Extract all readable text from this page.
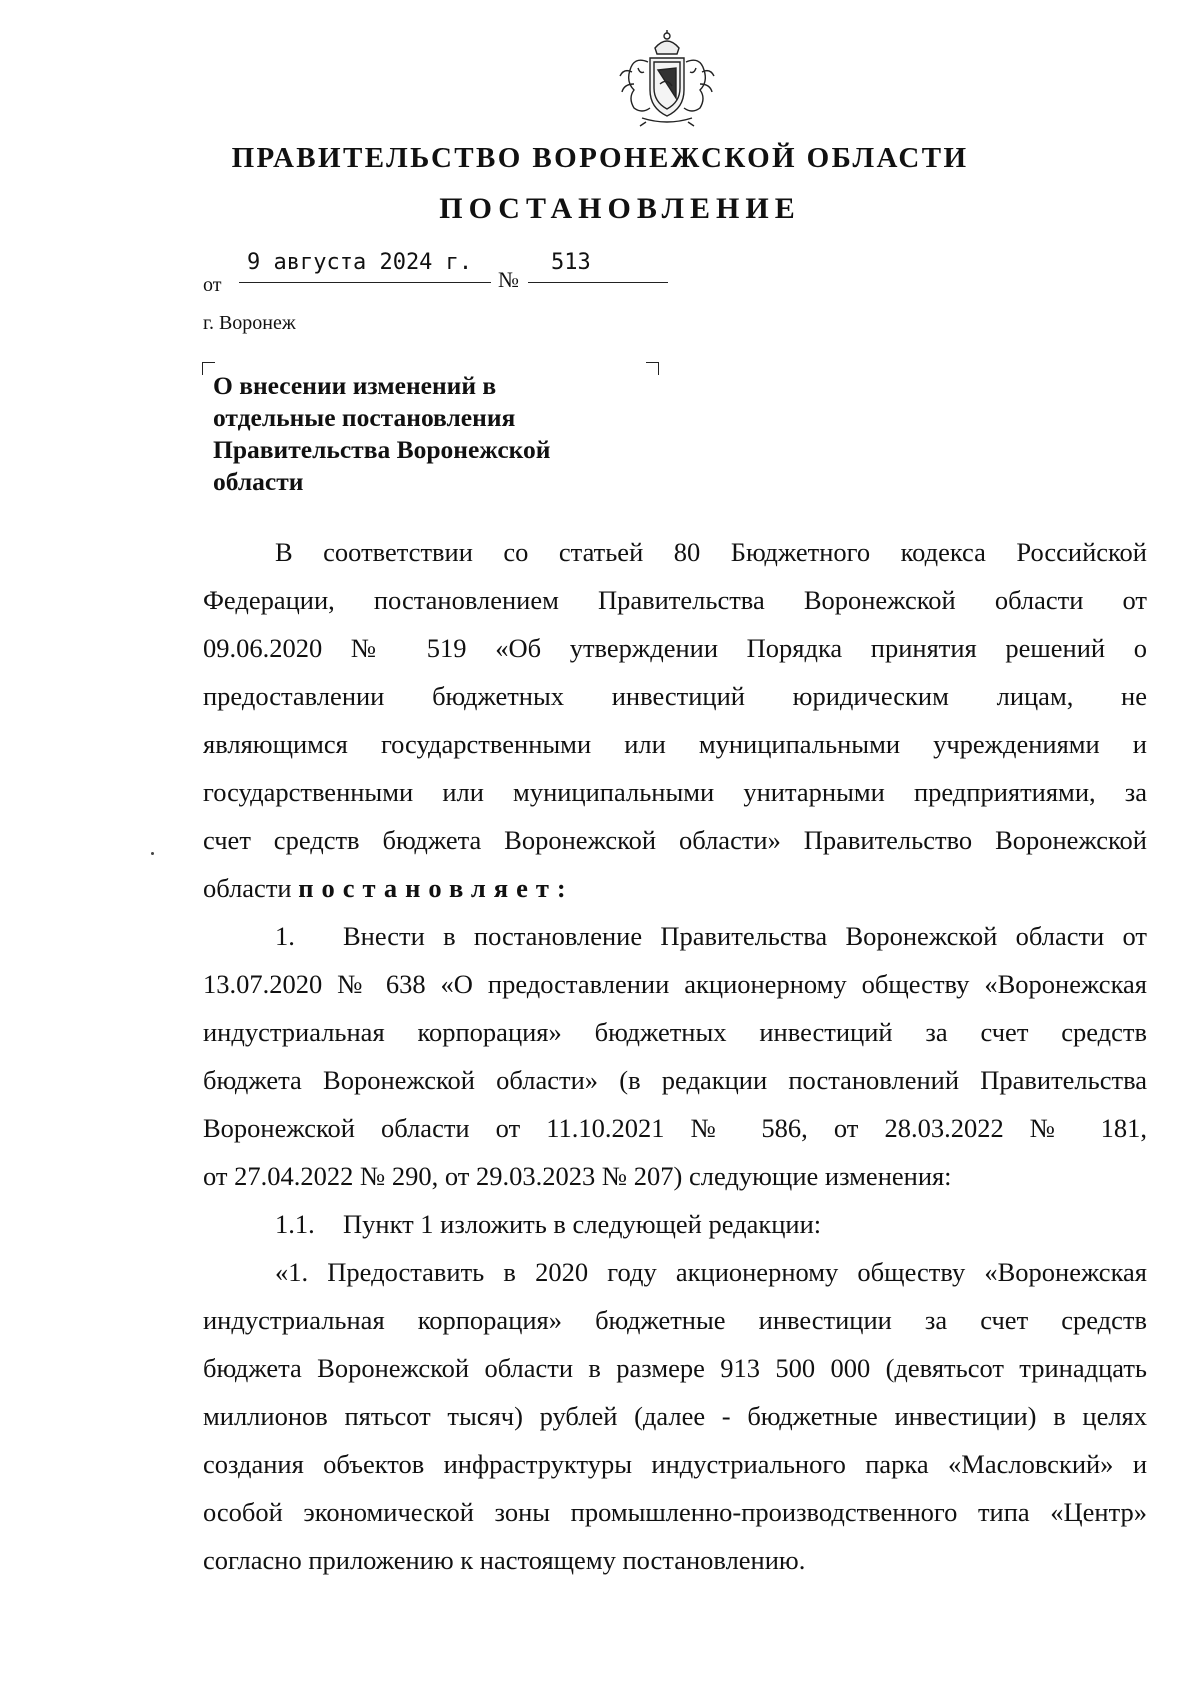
ПРАВИТЕЛЬСТВО ВОРОНЕЖСКОЙ ОБЛАСТИ
ПОСТАНОВЛЕНИЕ
от
9 августа 2024 г.
№
513
г. Воронеж
О внесении изменений в
отдельные постановления
Правительства Воронежской
области
В соответствии со статьей 80 Бюджетного кодекса Российской
Федерации, постановлением Правительства Воронежской области от
09.06.2020 № 519 «Об утверждении Порядка принятия решений о
предоставлении бюджетных инвестиций юридическим лицам, не
являющимся государственными или муниципальными учреждениями и
государственными или муниципальными унитарными предприятиями, за
счет средств бюджета Воронежской области» Правительство Воронежской
области постановляет:
1.	Внести в постановление Правительства Воронежской области от
13.07.2020 № 638 «О предоставлении акционерному обществу «Воронежская
индустриальная корпорация» бюджетных инвестиций за счет средств
бюджета Воронежской области» (в редакции постановлений Правительства
Воронежской области от 11.10.2021 № 586, от 28.03.2022 № 181,
от 27.04.2022 № 290, от 29.03.2023 № 207) следующие изменения:
1.1. Пункт 1 изложить в следующей редакции:
«1. Предоставить в 2020 году акционерному обществу «Воронежская
индустриальная корпорация» бюджетные инвестиции за счет средств
бюджета Воронежской области в размере 913 500 000 (девятьсот тринадцать
миллионов пятьсот тысяч) рублей (далее - бюджетные инвестиции) в целях
создания объектов инфраструктуры индустриального парка «Масловский» и
особой экономической зоны промышленно-производственного типа «Центр»
согласно приложению к настоящему постановлению.
